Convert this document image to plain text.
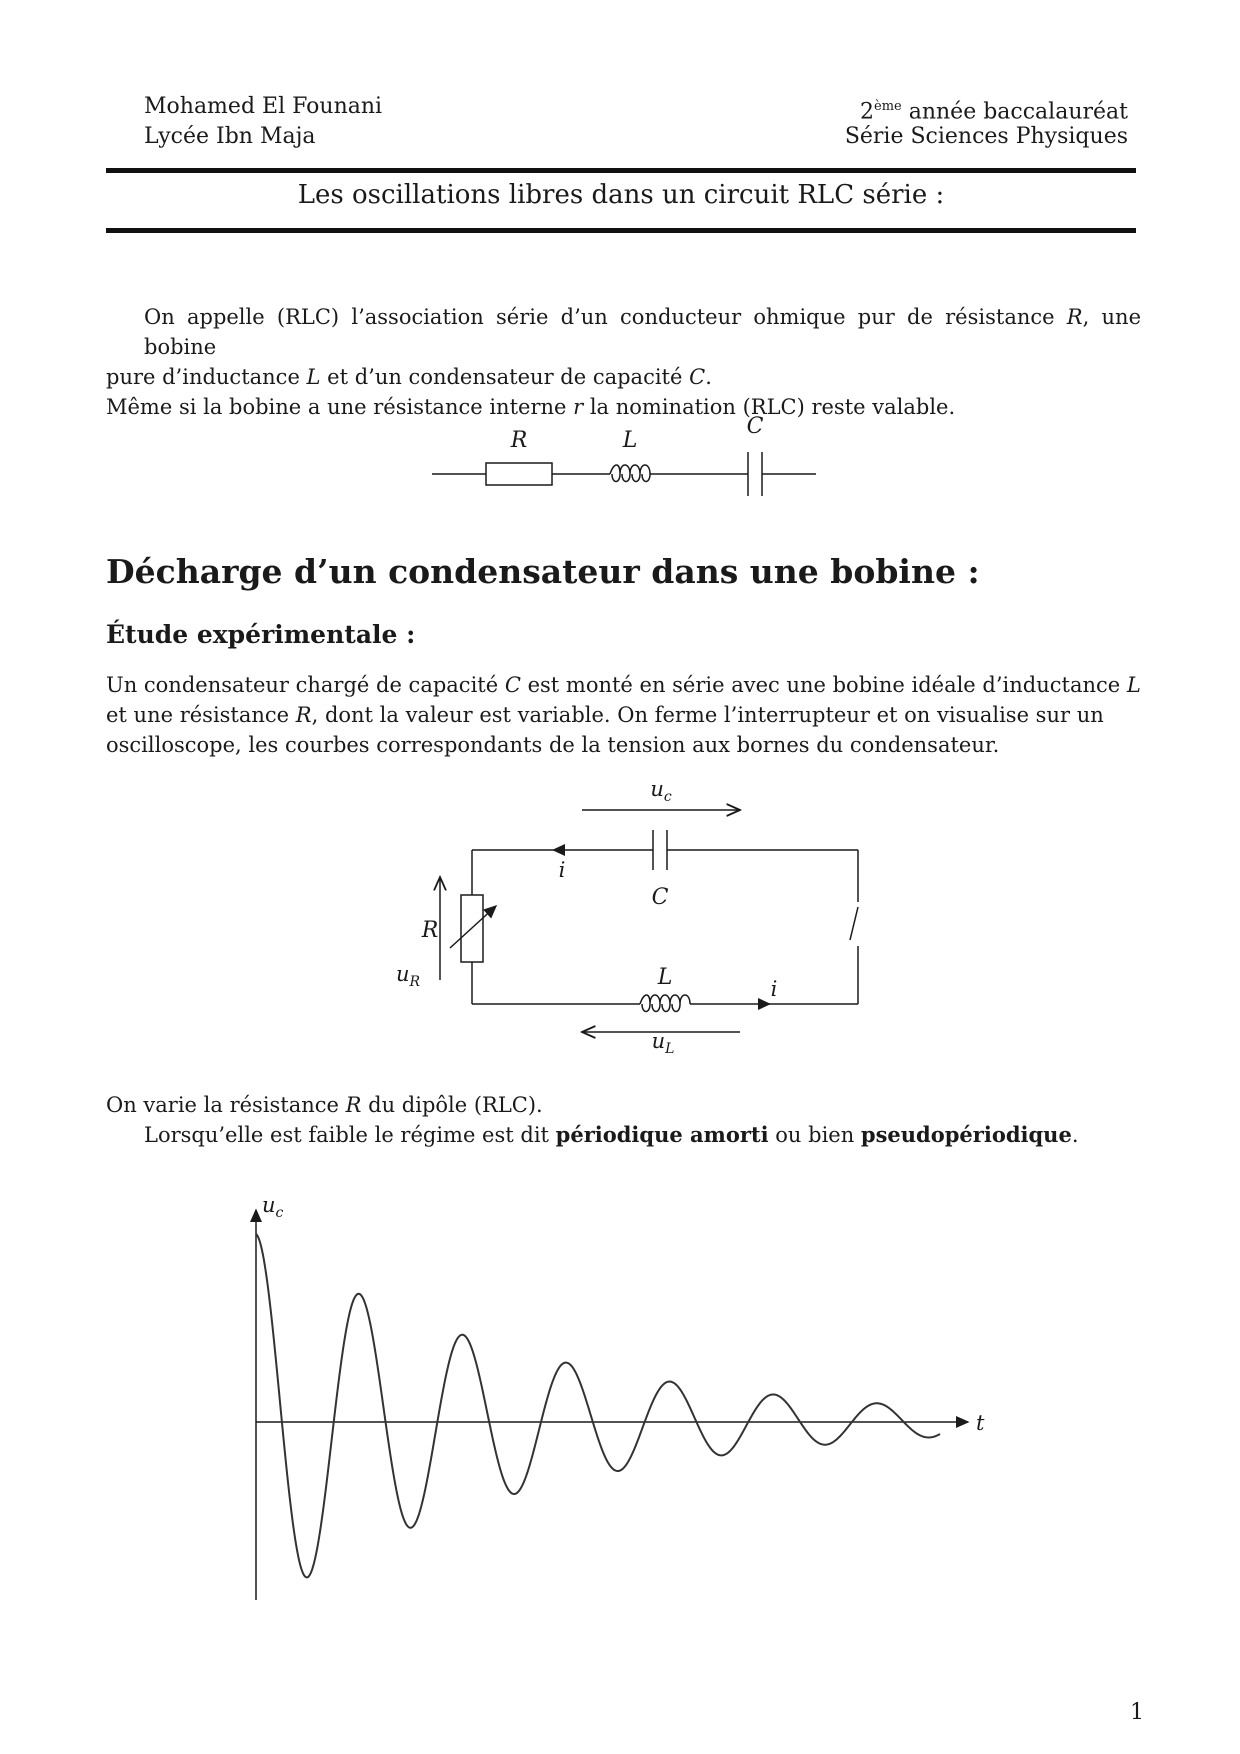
Mohamed El Founani
Lycée Ibn Maja
2ème année baccalauréat
Série Sciences Physiques
Les oscillations libres dans un circuit RLC série :
On appelle (RLC) l’association série d’un conducteur ohmique pur de résistance R, une bobine
pure d’inductance L et d’un condensateur de capacité C.
Même si la bobine a une résistance interne r la nomination (RLC) reste valable.
R	L
C
Décharge d’un condensateur dans une bobine :
Étude expérimentale :
Un condensateur chargé de capacité C est monté en série avec une bobine idéale d’inductance L
et une résistance R, dont la valeur est variable. On ferme l’interrupteur et on visualise sur un
oscilloscope, les courbes correspondants de la tension aux bornes du condensateur.
$u_c$
i
C
R
$u_R$	L	i
$u_L$
On varie la résistance R du dipôle (RLC).
Lorsqu’elle est faible le régime est dit périodique amorti ou bien pseudopériodique.
$u_c$
t
1
